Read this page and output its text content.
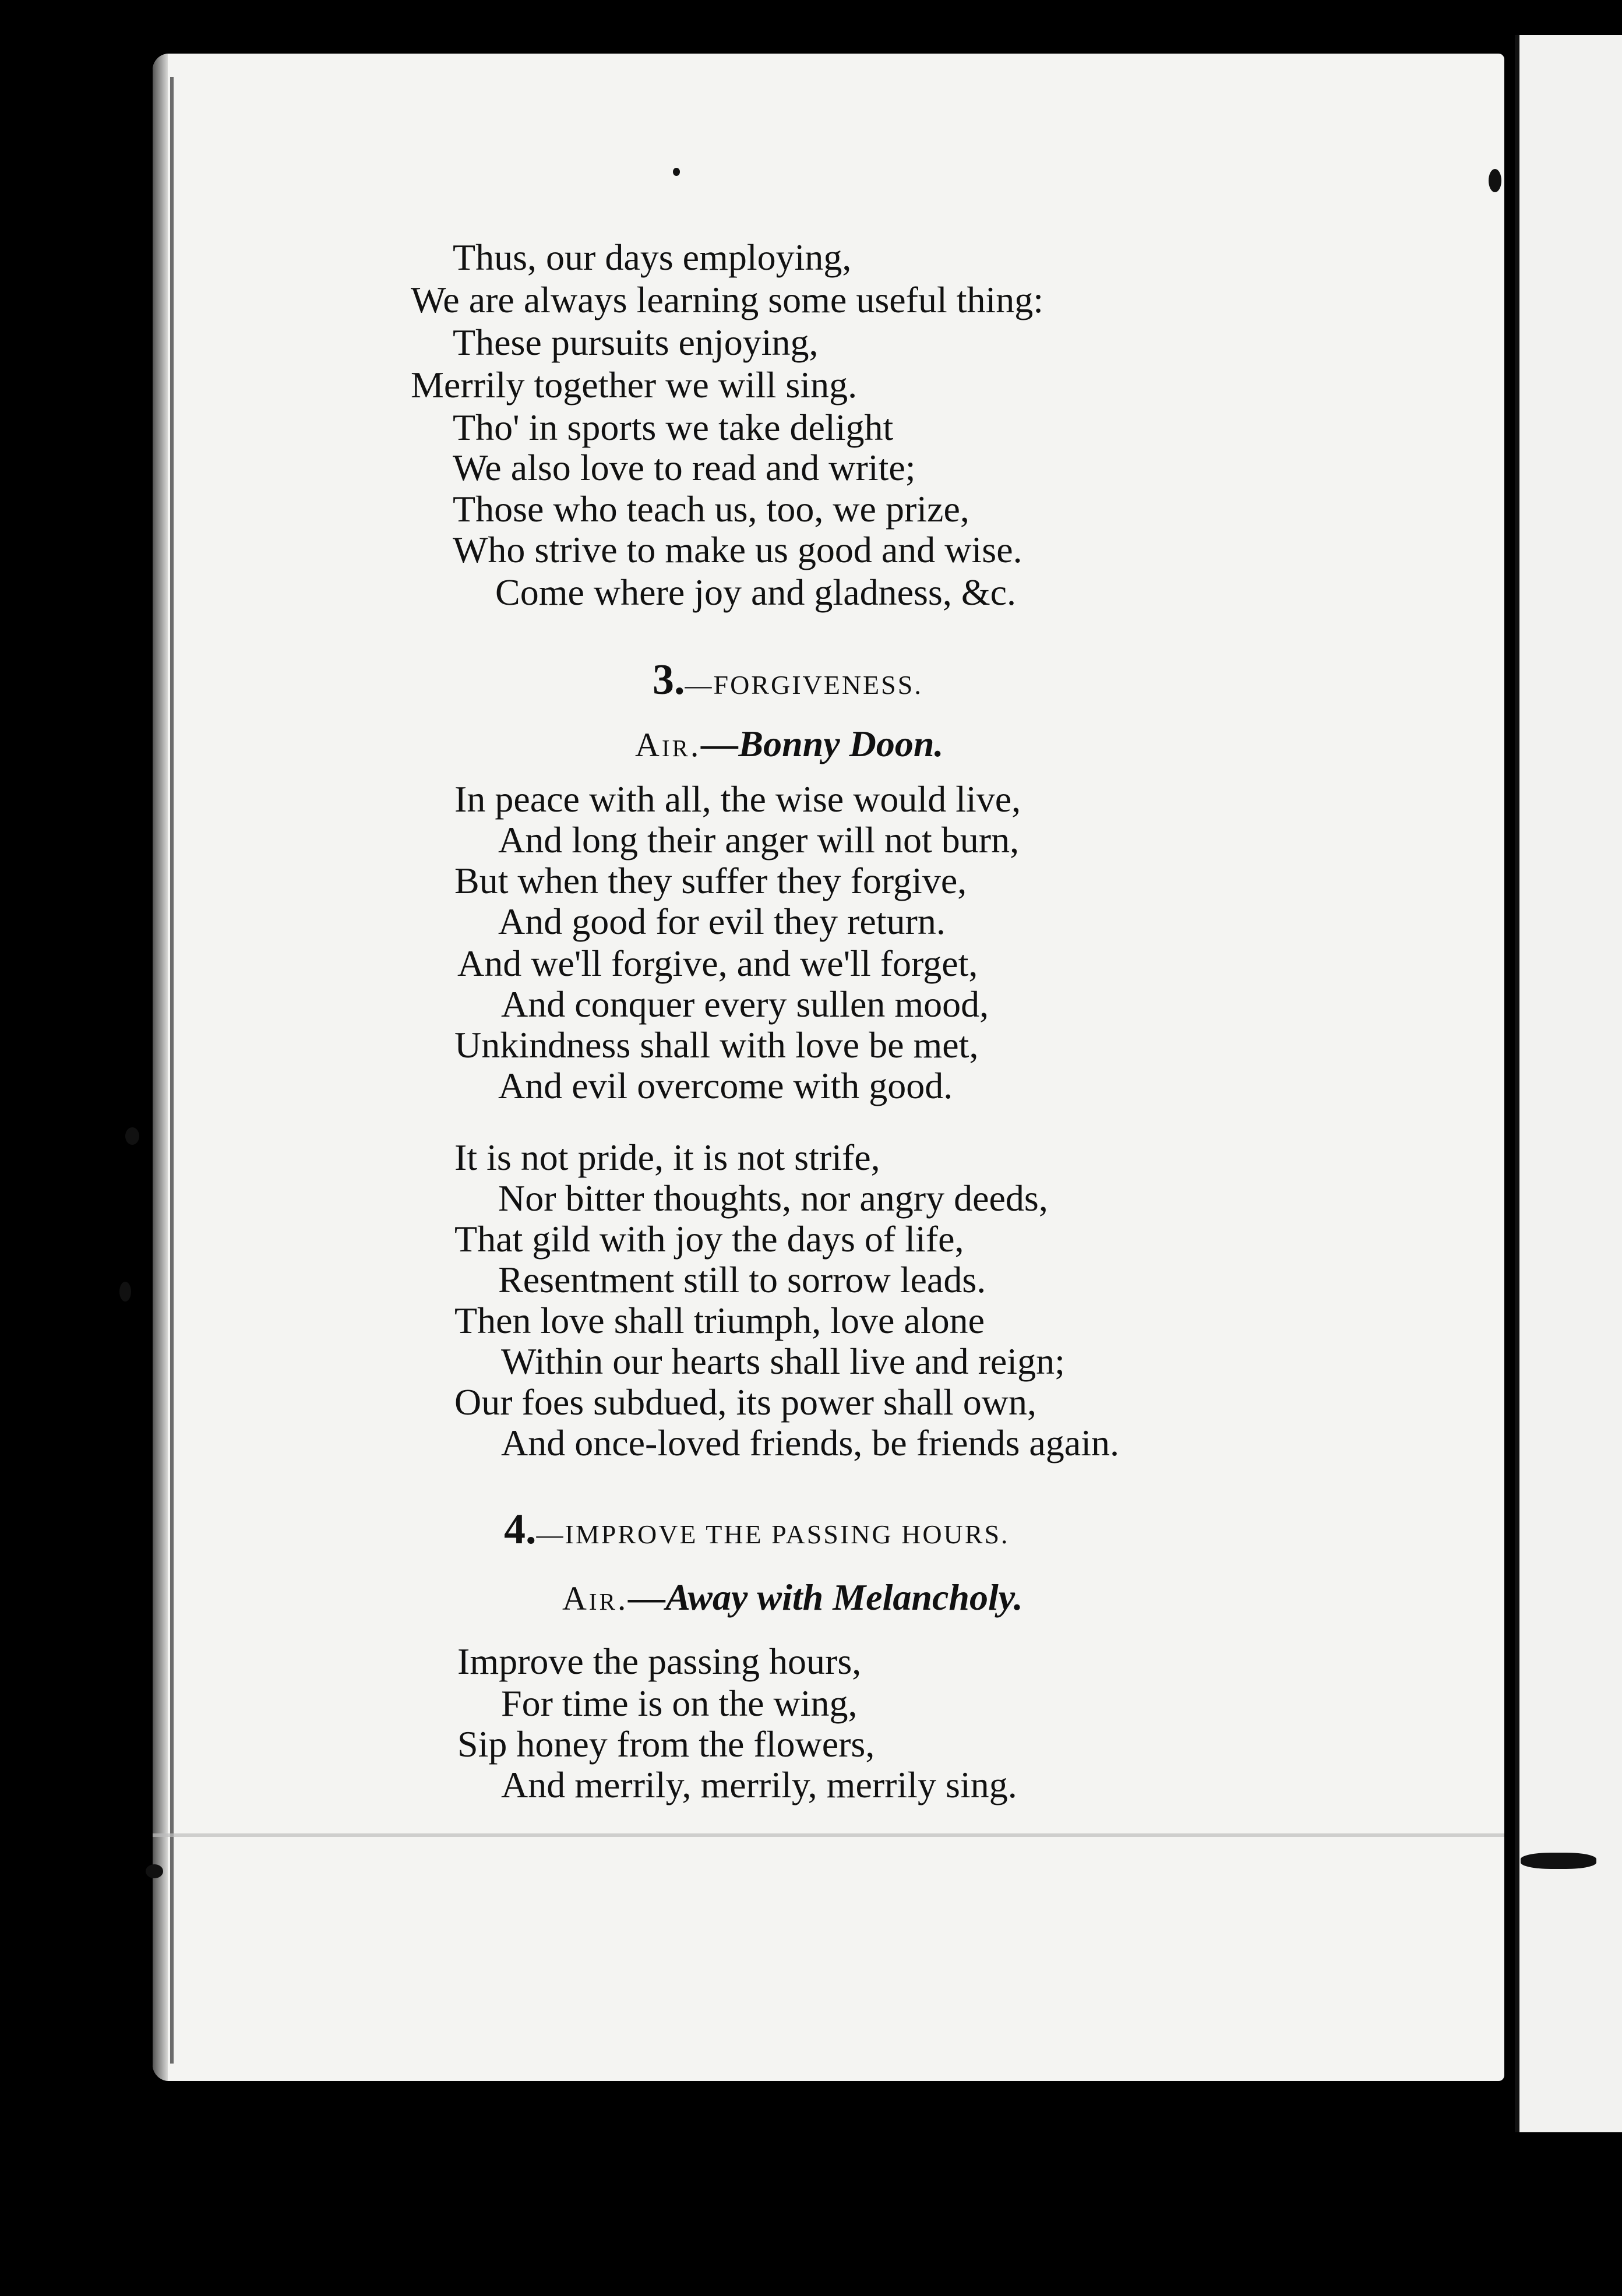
Thus, our days employing,
We are always learning some useful thing:
These pursuits enjoying,
Merrily together we will sing.
Tho' in sports we take delight
We also love to read and write;
Those who teach us, too, we prize,
Who strive to make us good and wise.
Come where joy and gladness, &c.
3.—FORGIVENESS.
Air.—Bonny Doon.
In peace with all, the wise would live,
And long their anger will not burn,
But when they suffer they forgive,
And good for evil they return.
And we'll forgive, and we'll forget,
And conquer every sullen mood,
Unkindness shall with love be met,
And evil overcome with good.
It is not pride, it is not strife,
Nor bitter thoughts, nor angry deeds,
That gild with joy the days of life,
Resentment still to sorrow leads.
Then love shall triumph, love alone
Within our hearts shall live and reign;
Our foes subdued, its power shall own,
And once-loved friends, be friends again.
4.—IMPROVE THE PASSING HOURS.
Air.—Away with Melancholy.
Improve the passing hours,
For time is on the wing,
Sip honey from the flowers,
And merrily, merrily, merrily sing.
